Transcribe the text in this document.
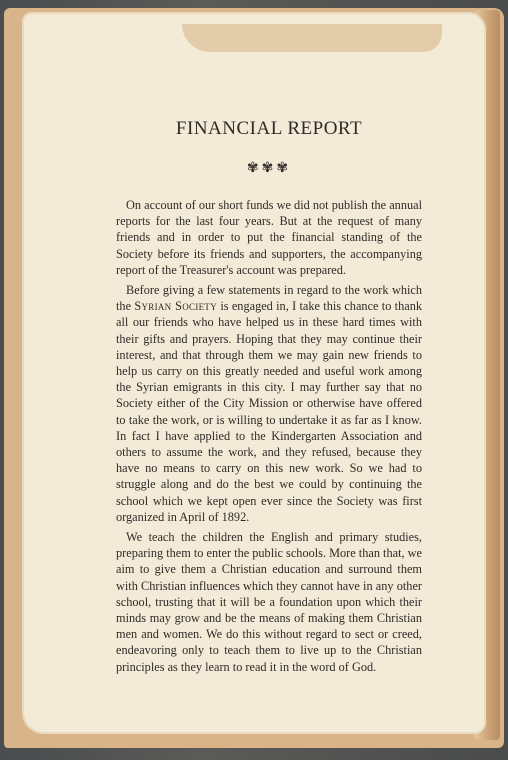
FINANCIAL REPORT
✾✾✾

On account of our short funds we did not publish the annual reports for the last four years. But at the request of many friends and in order to put the financial standing of the Society before its friends and supporters, the accompanying report of the Treasurer's account was prepared.

Before giving a few statements in regard to the work which the Syrian Society is engaged in, I take this chance to thank all our friends who have helped us in these hard times with their gifts and prayers. Hoping that they may continue their interest, and that through them we may gain new friends to help us carry on this greatly needed and useful work among the Syrian emigrants in this city. I may further say that no Society either of the City Mission or otherwise have offered to take the work, or is willing to undertake it as far as I know. In fact I have applied to the Kindergarten Association and others to assume the work, and they refused, because they have no means to carry on this new work. So we had to struggle along and do the best we could by continuing the school which we kept open ever since the Society was first organized in April of 1892.

We teach the children the English and primary studies, preparing them to enter the public schools. More than that, we aim to give them a Christian education and surround them with Christian influences which they cannot have in any other school, trusting that it will be a foundation upon which their minds may grow and be the means of making them Christian men and women. We do this without regard to sect or creed, endeavoring only to teach them to live up to the Christian principles as they learn to read it in the word of God.
